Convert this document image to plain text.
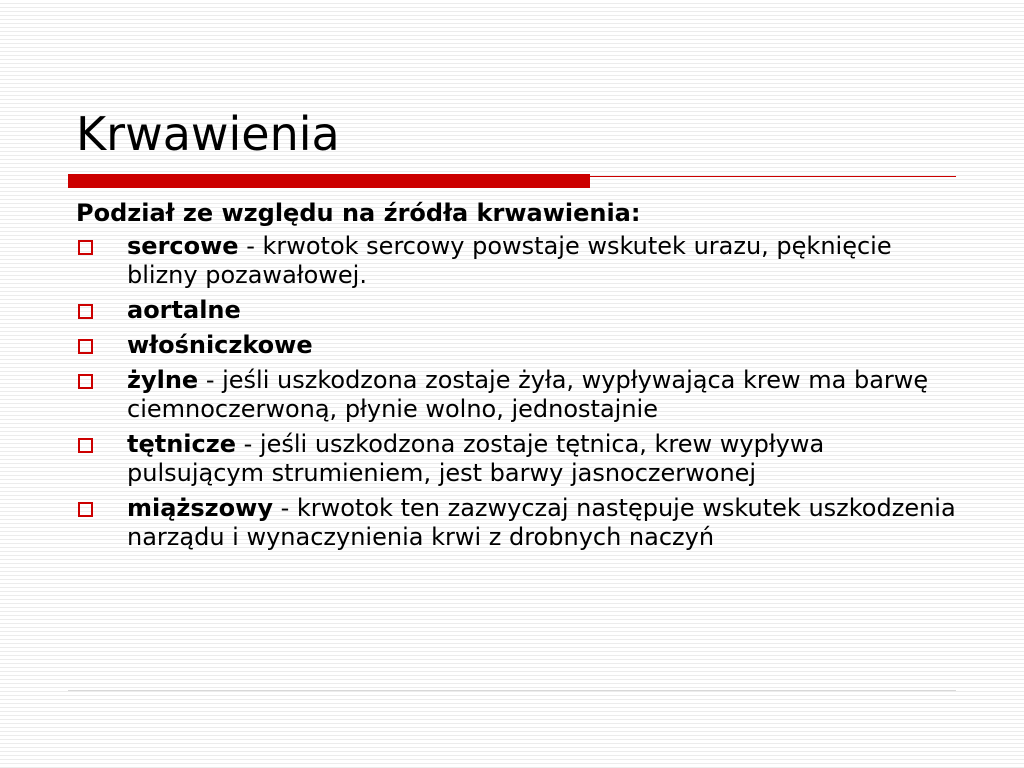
Krwawienia

Podział ze względu na źródła krwawienia:

sercowe - krwotok sercowy powstaje wskutek urazu, pęknięcie blizny pozawałowej.
aortalne
włośniczkowe
żylne - jeśli uszkodzona zostaje żyła, wypływająca krew ma barwę ciemnoczerwoną, płynie wolno, jednostajnie
tętnicze - jeśli uszkodzona zostaje tętnica, krew wypływa pulsującym strumieniem, jest barwy jasnoczerwonej
miąższowy - krwotok ten zazwyczaj następuje wskutek uszkodzenia narządu i wynaczynienia krwi z drobnych naczyń
